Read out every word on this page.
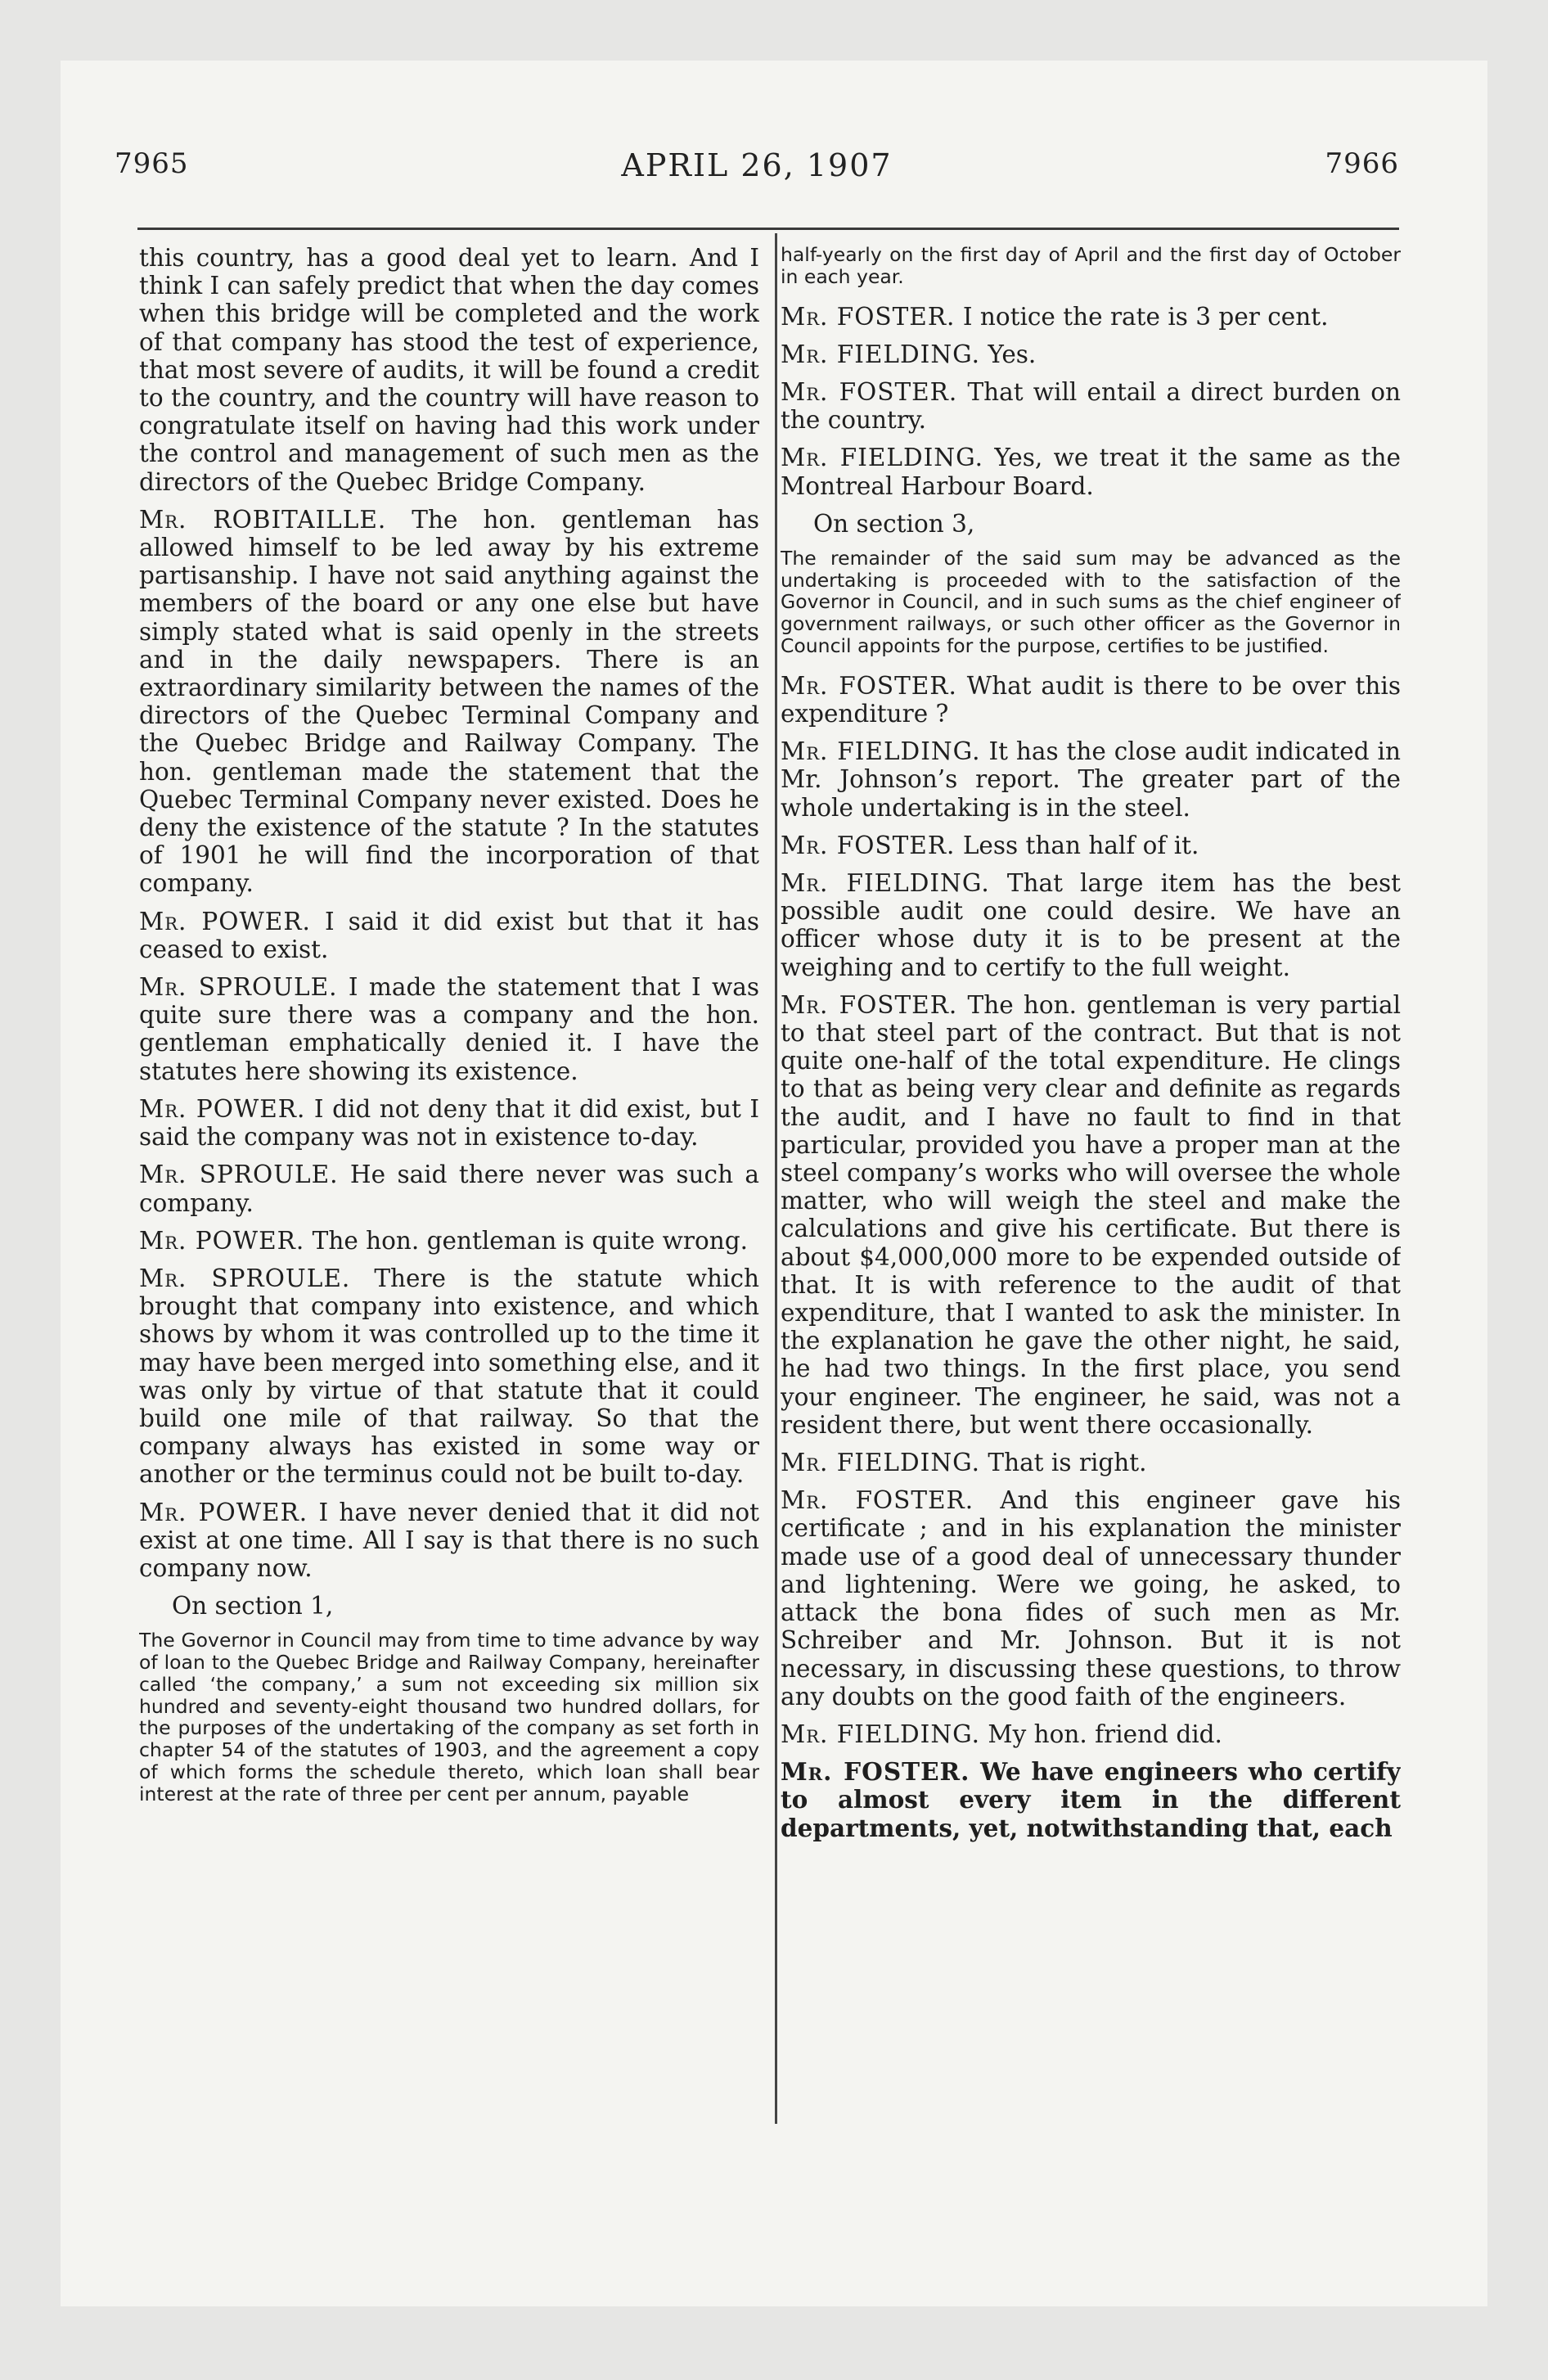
7965	APRIL 26, 1907	7966

this country, has a good deal yet to learn. And I think I can safely predict that when the day comes when this bridge will be completed and the work of that company has stood the test of experience, that most severe of audits, it will be found a credit to the country, and the country will have reason to congratulate itself on having had this work under the control and management of such men as the directors of the Quebec Bridge Company.

Mr. ROBITAILLE. The hon. gentleman has allowed himself to be led away by his extreme partisanship. I have not said anything against the members of the board or any one else but have simply stated what is said openly in the streets and in the daily newspapers. There is an extraordinary similarity between the names of the directors of the Quebec Terminal Company and the Quebec Bridge and Railway Company. The hon. gentleman made the statement that the Quebec Terminal Company never existed. Does he deny the existence of the statute ? In the statutes of 1901 he will find the incorporation of that company.

Mr. POWER. I said it did exist but that it has ceased to exist.

Mr. SPROULE. I made the statement that I was quite sure there was a company and the hon. gentleman emphatically denied it. I have the statutes here showing its existence.

Mr. POWER. I did not deny that it did exist, but I said the company was not in existence to-day.

Mr. SPROULE. He said there never was such a company.

Mr. POWER. The hon. gentleman is quite wrong.

Mr. SPROULE. There is the statute which brought that company into existence, and which shows by whom it was controlled up to the time it may have been merged into something else, and it was only by virtue of that statute that it could build one mile of that railway. So that the company always has existed in some way or another or the terminus could not be built to-day.

Mr. POWER. I have never denied that it did not exist at one time. All I say is that there is no such company now.

On section 1,

The Governor in Council may from time to time advance by way of loan to the Quebec Bridge and Railway Company, hereinafter called ‘the company,’ a sum not exceeding six million six hundred and seventy-eight thousand two hundred dollars, for the purposes of the undertaking of the company as set forth in chapter 54 of the statutes of 1903, and the agreement a copy of which forms the schedule thereto, which loan shall bear interest at the rate of three per cent per annum, payable

half-yearly on the first day of April and the first day of October in each year.

Mr. FOSTER. I notice the rate is 3 per cent.

Mr. FIELDING. Yes.

Mr. FOSTER. That will entail a direct burden on the country.

Mr. FIELDING. Yes, we treat it the same as the Montreal Harbour Board.

On section 3,

The remainder of the said sum may be advanced as the undertaking is proceeded with to the satisfaction of the Governor in Council, and in such sums as the chief engineer of government railways, or such other officer as the Governor in Council appoints for the purpose, certifies to be justified.

Mr. FOSTER. What audit is there to be over this expenditure ?

Mr. FIELDING. It has the close audit indicated in Mr. Johnson’s report. The greater part of the whole undertaking is in the steel.

Mr. FOSTER. Less than half of it.

Mr. FIELDING. That large item has the best possible audit one could desire. We have an officer whose duty it is to be present at the weighing and to certify to the full weight.

Mr. FOSTER. The hon. gentleman is very partial to that steel part of the contract. But that is not quite one-half of the total expenditure. He clings to that as being very clear and definite as regards the audit, and I have no fault to find in that particular, provided you have a proper man at the steel company’s works who will oversee the whole matter, who will weigh the steel and make the calculations and give his certificate. But there is about $4,000,000 more to be expended outside of that. It is with reference to the audit of that expenditure, that I wanted to ask the minister. In the explanation he gave the other night, he said, he had two things. In the first place, you send your engineer. The engineer, he said, was not a resident there, but went there occasionally.

Mr. FIELDING. That is right.

Mr. FOSTER. And this engineer gave his certificate ; and in his explanation the minister made use of a good deal of unnecessary thunder and lightening. Were we going, he asked, to attack the bona fides of such men as Mr. Schreiber and Mr. Johnson. But it is not necessary, in discussing these questions, to throw any doubts on the good faith of the engineers.

Mr. FIELDING. My hon. friend did.

Mr. FOSTER. We have engineers who certify to almost every item in the different departments, yet, notwithstanding that, each
